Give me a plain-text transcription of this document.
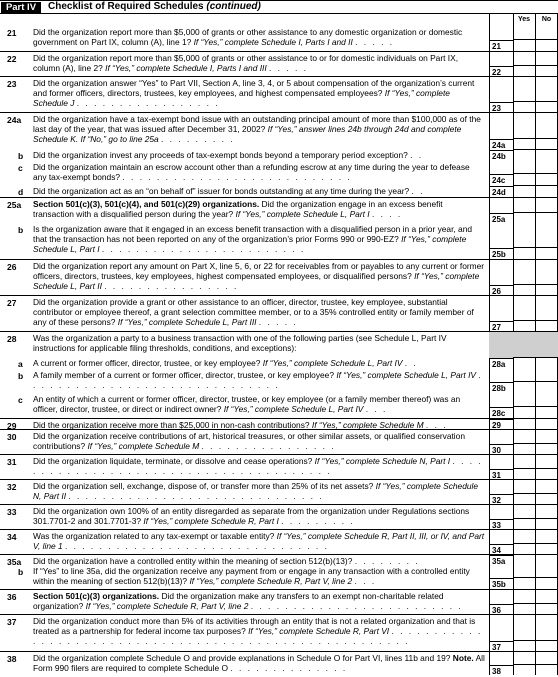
Part IV	Checklist of Required Schedules (continued)
Yes	No
21 Did the organization report more than $5,000 of grants or other assistance to any domestic organization or domestic government on Part IX, column (A), line 1? If “Yes,” complete Schedule I, Parts I and II . . . . .	21
22 Did the organization report more than $5,000 of grants or other assistance to or for domestic individuals on Part IX, column (A), line 2? If “Yes,” complete Schedule I, Parts I and III . . . . .	22
23 Did the organization answer “Yes” to Part VII, Section A, line 3, 4, or 5 about compensation of the organization’s current and former officers, directors, trustees, key employees, and highest compensated employees? If “Yes,” complete Schedule J . . . . . . . . . . . . . . . . .
23
24a Did the organization have a tax-exempt bond issue with an outstanding principal amount of more than $100,000 as of the last day of the year, that was issued after December 31, 2002? If “Yes,” answer lines 24b through 24d and complete Schedule K. If “No,” go to line 25a . . . . . . . . .
24a
b Did the organization invest any proceeds of tax-exempt bonds beyond a temporary period exception? . .	24b
c Did the organization maintain an escrow account other than a refunding escrow at any time during the year to defease any tax-exempt bonds? . . . . . . . . . . . . . . . . . . . . . . . . . . .	24c
d Did the organization act as an “on behalf of” issuer for bonds outstanding at any time during the year? . .	24d
25a Section 501(c)(3), 501(c)(4), and 501(c)(29) organizations. Did the organization engage in an excess benefit transaction with a disqualified person during the year? If “Yes,” complete Schedule L, Part I . . . .
25a
b Is the organization aware that it engaged in an excess benefit transaction with a disqualified person in a prior year, and that the transaction has not been reported on any of the organization’s prior Forms 990 or 990-EZ? If “Yes,” complete Schedule L, Part I . . . . . . . . . . . . . . . . . . . . . . . .
25b
26 Did the organization report any amount on Part X, line 5, 6, or 22 for receivables from or payables to any current or former officers, directors, trustees, key employees, highest compensated employees, or disqualified persons? If “Yes,” complete Schedule L, Part II . . . . . . . . . . . . . . . .
26
27 Did the organization provide a grant or other assistance to an officer, director, trustee, key employee, substantial contributor or employee thereof, a grant selection committee member, or to a 35% controlled entity or family member of any of these persons? If “Yes,” complete Schedule L, Part III . . . . .
27
28 Was the organization a party to a business transaction with one of the following parties (see Schedule L, Part IV instructions for applicable filing thresholds, conditions, and exceptions):
a A current or former officer, director, trustee, or key employee? If “Yes,” complete Schedule L, Part IV . .	28a
b A family member of a current or former officer, director, trustee, or key employee? If “Yes,” complete Schedule L, Part IV . . . . . . . . . . . . . . . . . . . . . . . . . . . . . .	28b
c An entity of which a current or former officer, director, trustee, or key employee (or a family member thereof) was an officer, director, trustee, or direct or indirect owner? If “Yes,” complete Schedule L, Part IV . . .	28c
29 Did the organization receive more than $25,000 in non-cash contributions? If “Yes,” complete Schedule M . . .	29
30 Did the organization receive contributions of art, historical treasures, or other similar assets, or qualified conservation contributions? If “Yes,” complete Schedule M . . . . . . . . . . . . . . . .	30
31 Did the organization liquidate, terminate, or dissolve and cease operations? If “Yes,” complete Schedule N, Part I . . . . . . . . . . . . . . . . . . . . . . . . . . . . . . . . . . . . . . .	31
32 Did the organization sell, exchange, dispose of, or transfer more than 25% of its net assets? If “Yes,” complete Schedule N, Part II . . . . . . . . . . . . . . . . . . . . . . . . . . . . . .	32
33 Did the organization own 100% of an entity disregarded as separate from the organization under Regulations sections 301.7701-2 and 301.7701-3? If “Yes,” complete Schedule R, Part I . . . . . . . . .	33
34 Was the organization related to any tax-exempt or taxable entity? If “Yes,” complete Schedule R, Part II, III, or IV, and Part V, line 1 . . . . . . . . . . . . . . . . . . . . . . . . . . . . . . .	34
35a Did the organization have a controlled entity within the meaning of section 512(b)(13)? . . . . . . . .	35a
b If “Yes” to line 35a, did the organization receive any payment from or engage in any transaction with a controlled entity within the meaning of section 512(b)(13)? If “Yes,” complete Schedule R, Part V, line 2 . . .	35b
36 Section 501(c)(3) organizations. Did the organization make any transfers to an exempt non-charitable related organization? If “Yes,” complete Schedule R, Part V, line 2 . . . . . . . . . . . . . . . . . . . . . . . . .	36
37 Did the organization conduct more than 5% of its activities through an entity that is not a related organization and that is treated as a partnership for federal income tax purposes? If “Yes,” complete Schedule R, Part VI . . . . . . . . . . . . . . . . . . . . . . . . . . . . . . . . . . . . . . . . . . . . . . . . . . . . . . .
37
38 Did the organization complete Schedule O and provide explanations in Schedule O for Part VI, lines 11b and 19? Note. All Form 990 filers are required to complete Schedule O . . . . . . . . . . . . . .	38
